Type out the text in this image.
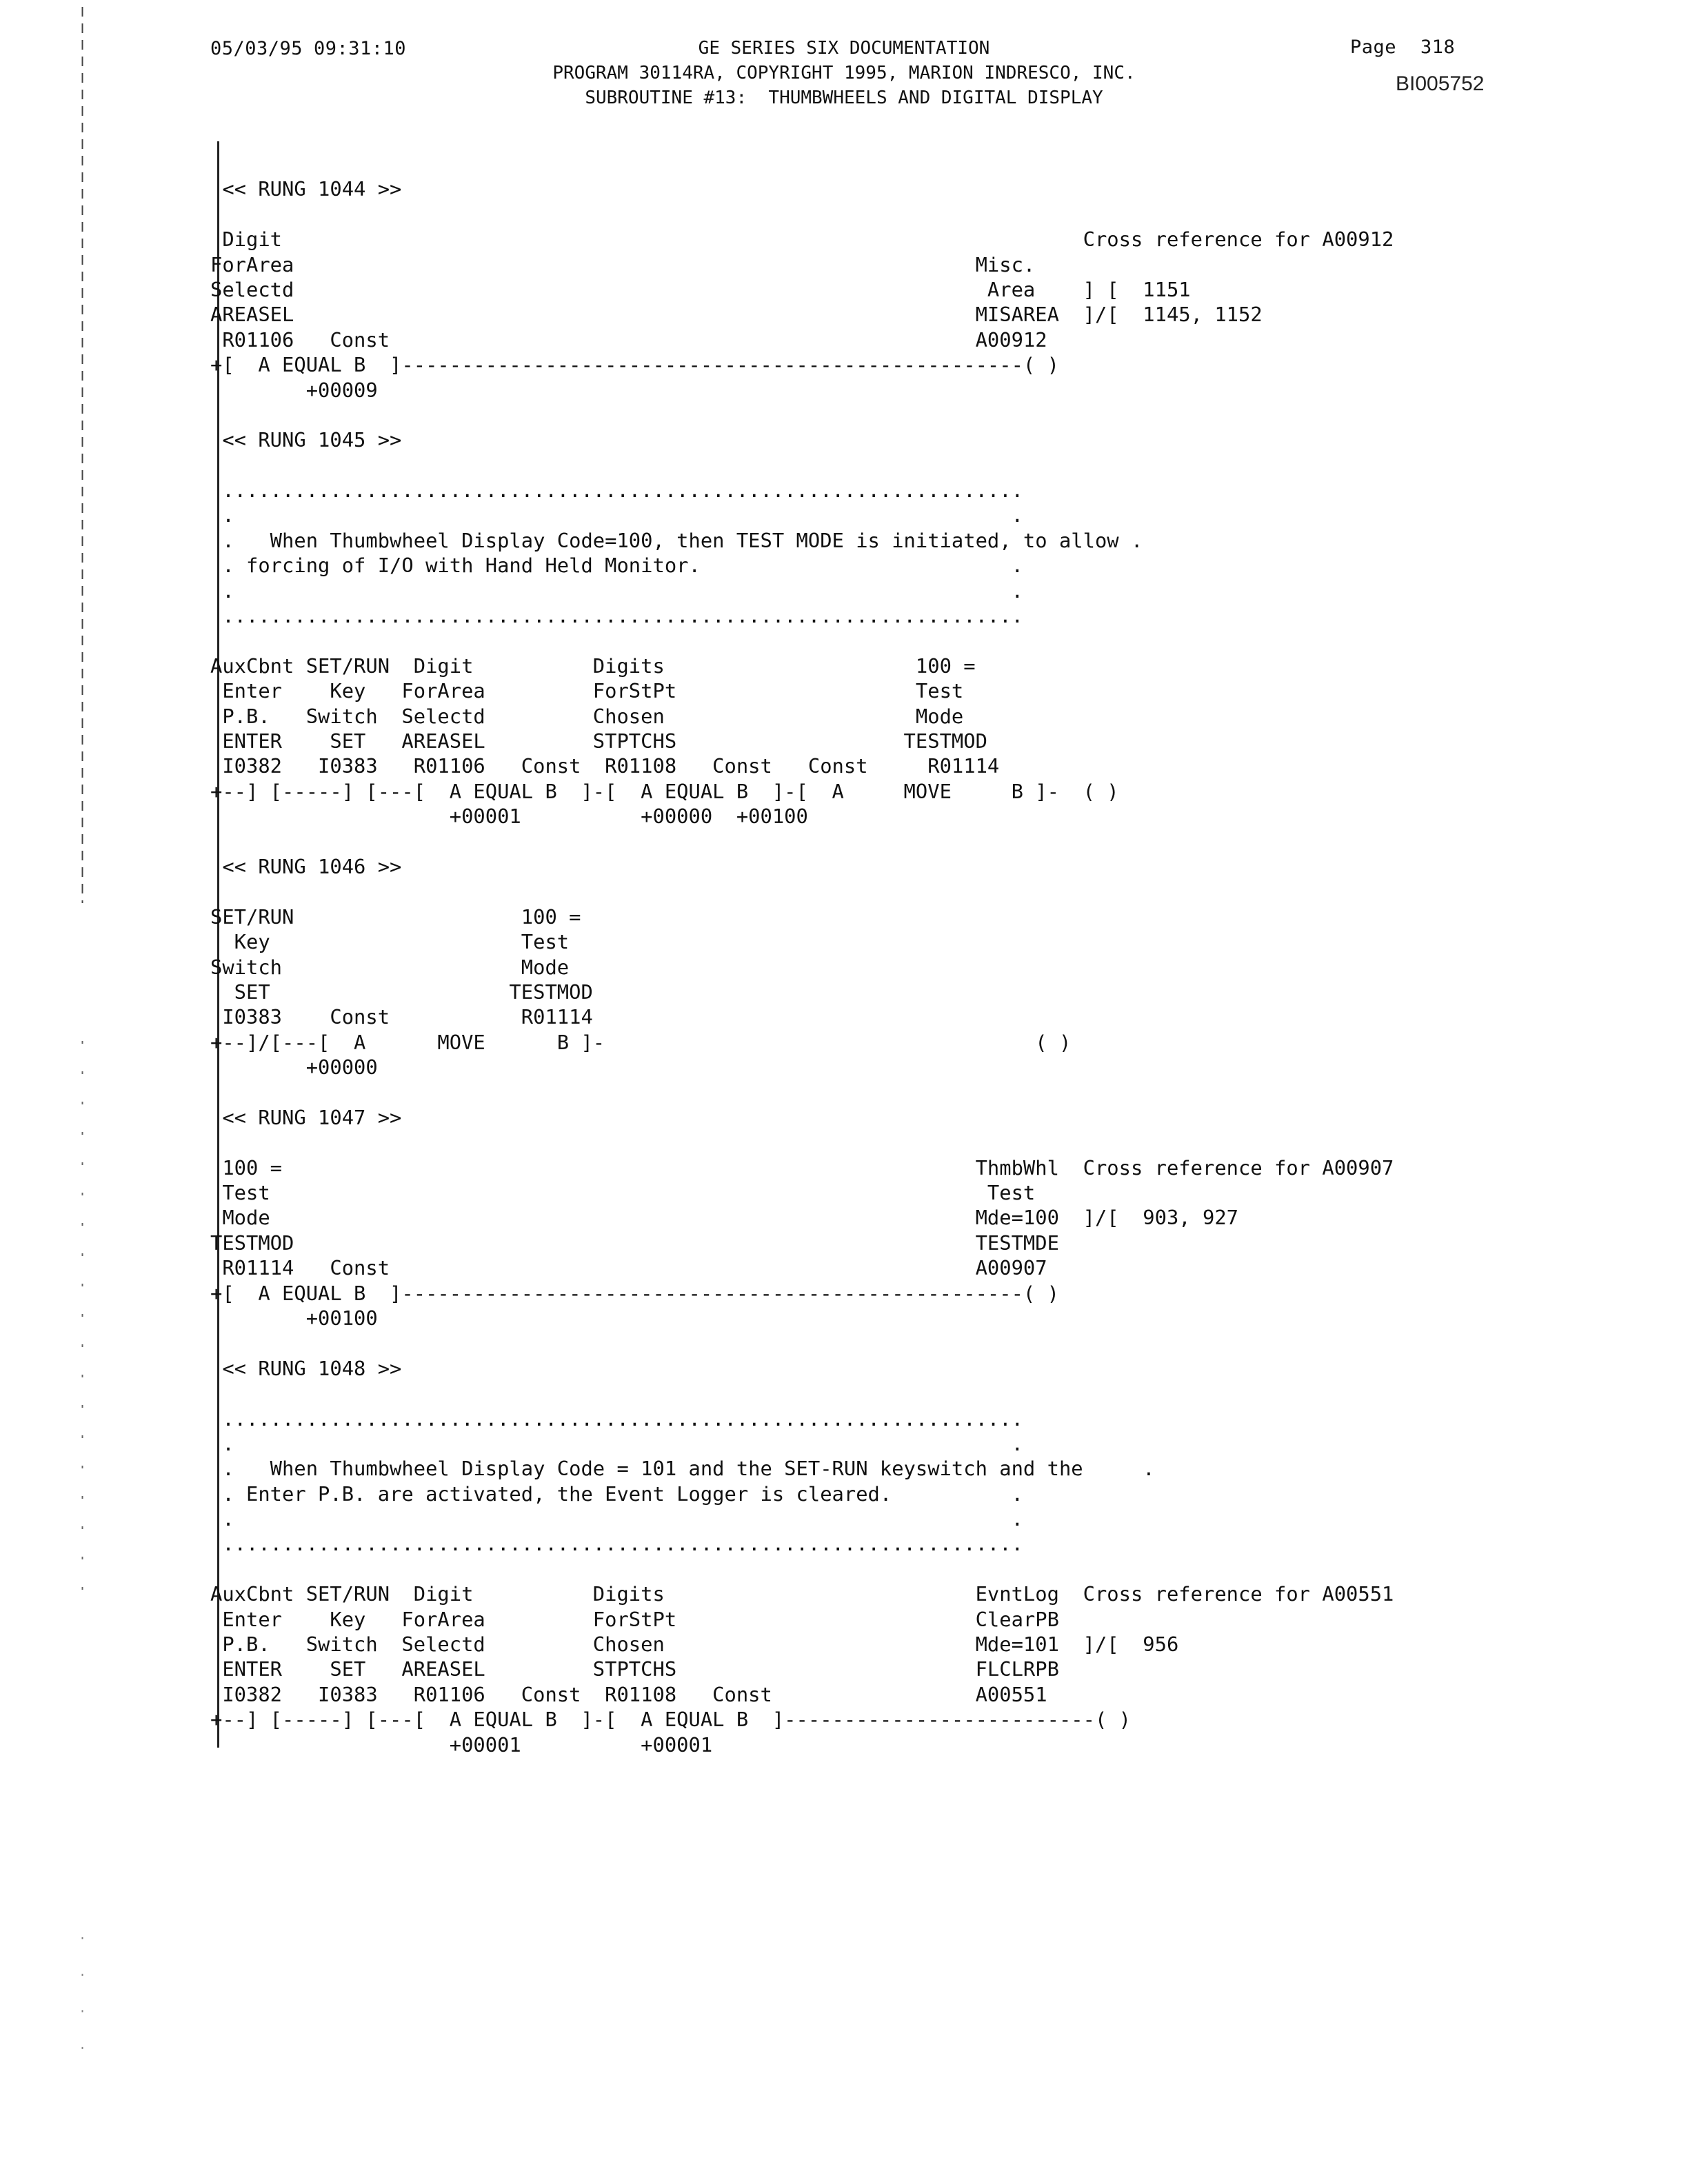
05/03/95 09:31:10	GE SERIES SIX DOCUMENTATION
PROGRAM 30114RA, COPYRIGHT 1995, MARION INDRESCO, INC.
SUBROUTINE #13:  THUMBWHEELS AND DIGITAL DISPLAY
Page 318
BI005752
<< RUNG 1044 >>
Digit                                                                   Cross reference for A00912
ForArea                                                         Misc.
Selectd                                                          Area    ] [  1151
AREASEL                                                         MISAREA  ]/[  1145, 1152
R01106   Const                                                 A00912
+[  A EQUAL B  ]----------------------------------------------------( )
+00009
<< RUNG 1045 >>
...................................................................
.                                                                 .
.   When Thumbwheel Display Code=100, then TEST MODE is initiated, to allow .
. forcing of I/O with Hand Held Monitor.                          .
.                                                                 .
...................................................................
AuxCbnt SET/RUN  Digit          Digits                     100 =
Enter    Key   ForArea         ForStPt                    Test
P.B.   Switch  Selectd         Chosen                     Mode
ENTER    SET   AREASEL         STPTCHS                   TESTMOD
I0382   I0383   R01106   Const  R01108   Const   Const     R01114
+--] [-----] [---[  A EQUAL B  ]-[  A EQUAL B  ]-[  A     MOVE     B ]-  ( )
+00001          +00000  +00100
<< RUNG 1046 >>
SET/RUN                   100 =
Key                     Test
Switch                    Mode
SET                    TESTMOD
I0383    Const           R01114
+--]/[---[  A      MOVE      B ]-                                    ( )
+00000
<< RUNG 1047 >>
100 =                                                          ThmbWhl  Cross reference for A00907
Test                                                            Test
Mode                                                           Mde=100  ]/[  903, 927
TESTMOD                                                         TESTMDE
R01114   Const                                                 A00907
+[  A EQUAL B  ]----------------------------------------------------( )
+00100
<< RUNG 1048 >>
...................................................................
.                                                                 .
.   When Thumbwheel Display Code = 101 and the SET-RUN keyswitch and the     .
. Enter P.B. are activated, the Event Logger is cleared.          .
.                                                                 .
...................................................................
AuxCbnt SET/RUN  Digit          Digits                          EvntLog  Cross reference for A00551
Enter    Key   ForArea         ForStPt                         ClearPB
P.B.   Switch  Selectd         Chosen                          Mde=101  ]/[  956
ENTER    SET   AREASEL         STPTCHS                         FLCLRPB
I0382   I0383   R01106   Const  R01108   Const                 A00551
+--] [-----] [---[  A EQUAL B  ]-[  A EQUAL B  ]--------------------------( )
+00001          +00001
